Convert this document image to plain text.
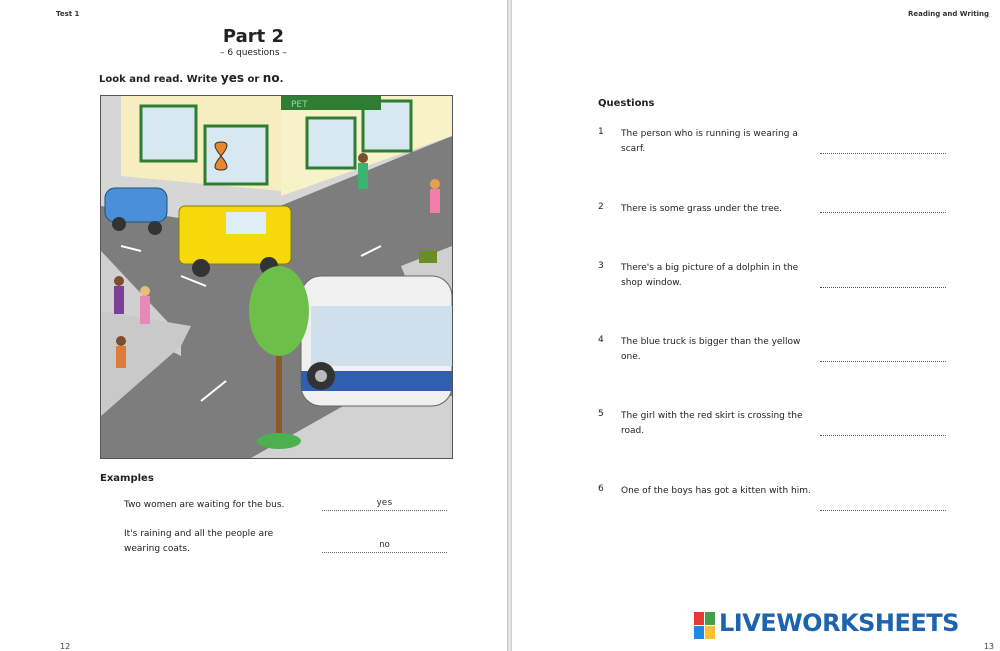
Test 1
Part 2
– 6 questions –
Look and read. Write yes or no.
PET
Examples
Two women are waiting for the bus.	yes
It's raining and all the people are wearing coats.	no
12
Reading and Writing
Questions
1 The person who is running is wearing a scarf.
2 There is some grass under the tree.
3 There's a big picture of a dolphin in the shop window.
4 The blue truck is bigger than the yellow one.
5 The girl with the red skirt is crossing the road.
6 One of the boys has got a kitten with him.
LIVEWORKSHEETS
13
